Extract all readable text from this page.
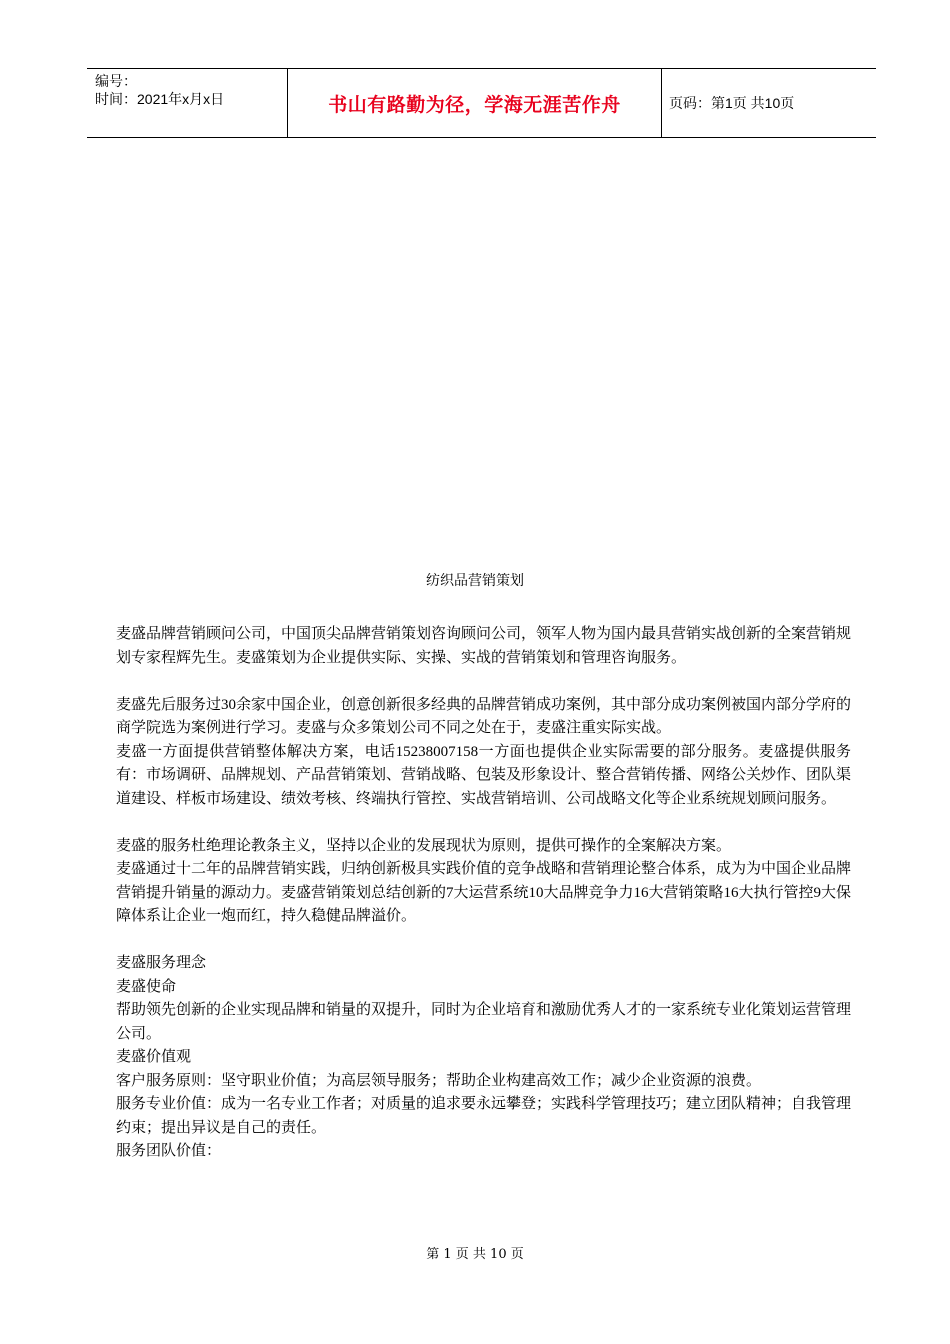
编号：
时间：2021年x月x日	书山有路勤为径，学海无涯苦作舟	页码：第1页 共10页
纺织品营销策划

麦盛品牌营销顾问公司，中国顶尖品牌营销策划咨询顾问公司，领军人物为国内最具营销实战创新的全案营销规划专家程辉先生。麦盛策划为企业提供实际、实操、实战的营销策划和管理咨询服务。

麦盛先后服务过30余家中国企业，创意创新很多经典的品牌营销成功案例，其中部分成功案例被国内部分学府的商学院选为案例进行学习。麦盛与众多策划公司不同之处在于，麦盛注重实际实战。

麦盛一方面提供营销整体解决方案，电话15238007158一方面也提供企业实际需要的部分服务。麦盛提供服务有：市场调研、品牌规划、产品营销策划、营销战略、包装及形象设计、整合营销传播、网络公关炒作、团队渠道建设、样板市场建设、绩效考核、终端执行管控、实战营销培训、公司战略文化等企业系统规划顾问服务。

麦盛的服务杜绝理论教条主义，坚持以企业的发展现状为原则，提供可操作的全案解决方案。

麦盛通过十二年的品牌营销实践，归纳创新极具实践价值的竞争战略和营销理论整合体系，成为为中国企业品牌营销提升销量的源动力。麦盛营销策划总结创新的7大运营系统10大品牌竞争力16大营销策略16大执行管控9大保障体系让企业一炮而红，持久稳健品牌溢价。

麦盛服务理念

麦盛使命

帮助领先创新的企业实现品牌和销量的双提升，同时为企业培育和激励优秀人才的一家系统专业化策划运营管理公司。

麦盛价值观

客户服务原则：坚守职业价值；为高层领导服务；帮助企业构建高效工作；减少企业资源的浪费。

服务专业价值：成为一名专业工作者；对质量的追求要永远攀登；实践科学管理技巧；建立团队精神；自我管理约束；提出异议是自己的责任。

服务团队价值：

第 1 页 共 10 页
